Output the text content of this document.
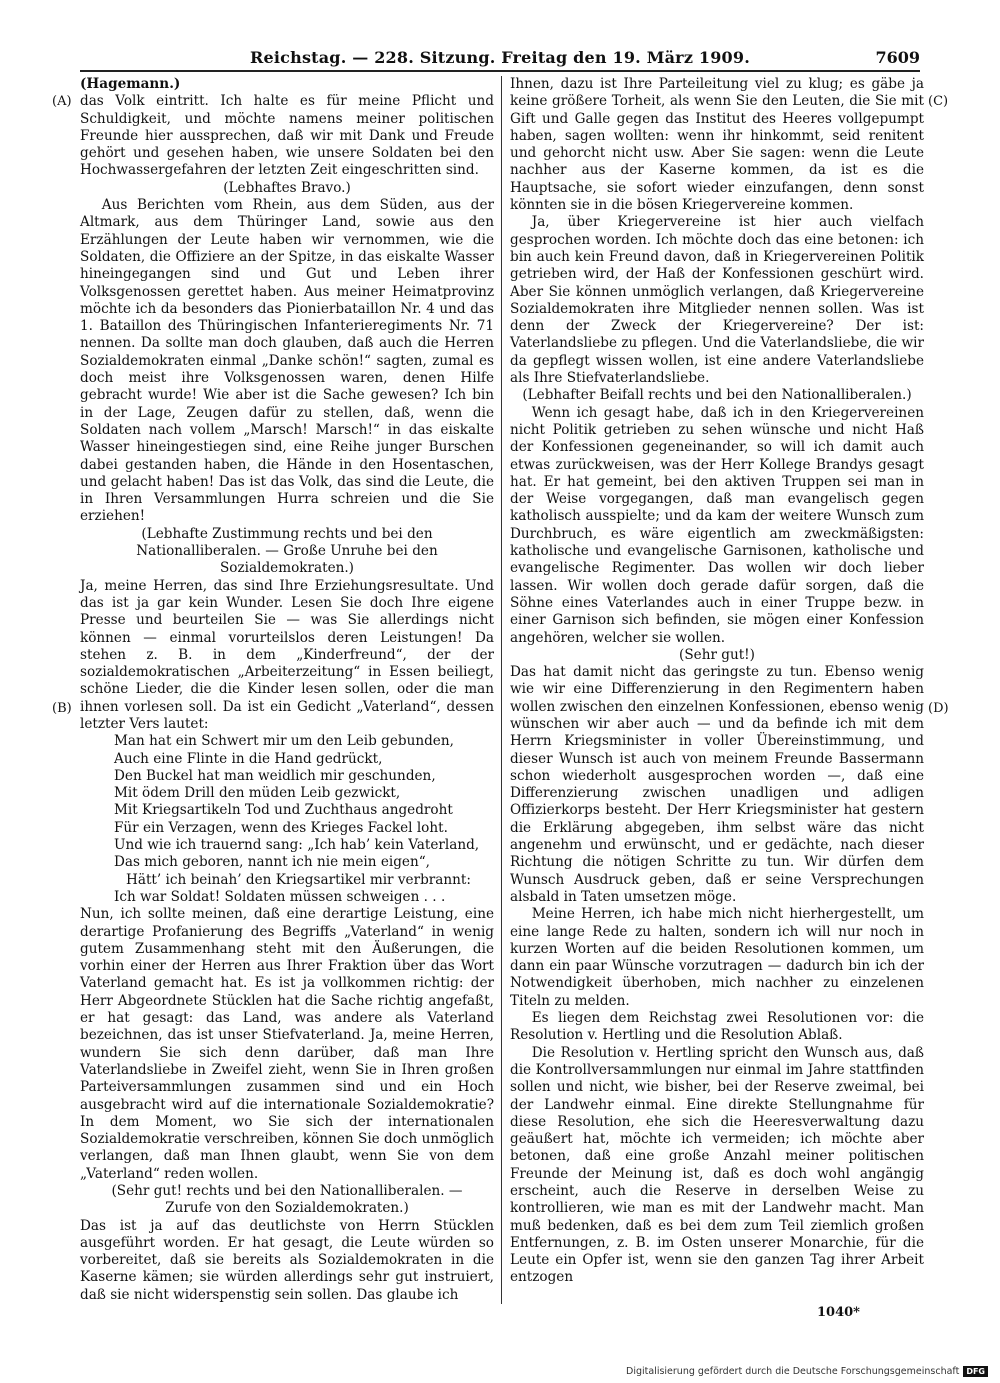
Reichstag. — 228. Sitzung. Freitag den 19. März 1909.	7609

(Hagemann.)

das Volk eintritt. Ich halte es für meine Pflicht und Schuldigkeit, und möchte namens meiner politischen Freunde hier aussprechen, daß wir mit Dank und Freude gehört und gesehen haben, wie unsere Soldaten bei den Hochwassergefahren der letzten Zeit eingeschritten sind.

(Lebhaftes Bravo.)

Aus Berichten vom Rhein, aus dem Süden, aus der Altmark, aus dem Thüringer Land, sowie aus den Erzählungen der Leute haben wir vernommen, wie die Soldaten, die Offiziere an der Spitze, in das eiskalte Wasser hineingegangen sind und Gut und Leben ihrer Volksgenossen gerettet haben. Aus meiner Heimatprovinz möchte ich da besonders das Pionierbataillon Nr. 4 und das 1. Bataillon des Thüringischen Infanterieregiments Nr. 71 nennen. Da sollte man doch glauben, daß auch die Herren Sozialdemokraten einmal „Danke schön!“ sagten, zumal es doch meist ihre Volksgenossen waren, denen Hilfe gebracht wurde! Wie aber ist die Sache gewesen? Ich bin in der Lage, Zeugen dafür zu stellen, daß, wenn die Soldaten nach vollem „Marsch! Marsch!“ in das eiskalte Wasser hineingestiegen sind, eine Reihe junger Burschen dabei gestanden haben, die Hände in den Hosentaschen, und gelacht haben! Das ist das Volk, das sind die Leute, die in Ihren Versammlungen Hurra schreien und die Sie erziehen!

(Lebhafte Zustimmung rechts und bei den Nationalliberalen. — Große Unruhe bei den Sozialdemokraten.)

Ja, meine Herren, das sind Ihre Erziehungsresultate. Und das ist ja gar kein Wunder. Lesen Sie doch Ihre eigene Presse und beurteilen Sie — was Sie allerdings nicht können — einmal vorurteilslos deren Leistungen! Da stehen z. B. in dem „Kinderfreund“, der der sozialdemokratischen „Arbeiterzeitung“ in Essen beiliegt, schöne Lieder, die die Kinder lesen sollen, oder die man ihnen vorlesen soll. Da ist ein Gedicht „Vaterland“, dessen letzter Vers lautet:

Man hat ein Schwert mir um den Leib gebunden,

Auch eine Flinte in die Hand gedrückt,

Den Buckel hat man weidlich mir geschunden,

Mit ödem Drill den müden Leib gezwickt,

Mit Kriegsartikeln Tod und Zuchthaus angedroht

Für ein Verzagen, wenn des Krieges Fackel loht.

Und wie ich trauernd sang: „Ich hab’ kein Vaterland,

Das mich geboren, nannt ich nie mein eigen“,

Hätt’ ich beinah’ den Kriegsartikel mir verbrannt:

Ich war Soldat! Soldaten müssen schweigen . . .

Nun, ich sollte meinen, daß eine derartige Leistung, eine derartige Profanierung des Begriffs „Vaterland“ in wenig gutem Zusammenhang steht mit den Äußerungen, die vorhin einer der Herren aus Ihrer Fraktion über das Wort Vaterland gemacht hat. Es ist ja vollkommen richtig: der Herr Abgeordnete Stücklen hat die Sache richtig angefaßt, er hat gesagt: das Land, was andere als Vaterland bezeichnen, das ist unser Stiefvaterland. Ja, meine Herren, wundern Sie sich denn darüber, daß man Ihre Vaterlandsliebe in Zweifel zieht, wenn Sie in Ihren großen Parteiversammlungen zusammen sind und ein Hoch ausgebracht wird auf die internationale Sozialdemokratie? In dem Moment, wo Sie sich der internationalen Sozialdemokratie verschreiben, können Sie doch unmöglich verlangen, daß man Ihnen glaubt, wenn Sie von dem „Vaterland“ reden wollen.

(Sehr gut! rechts und bei den Nationalliberalen. — Zurufe von den Sozialdemokraten.)

Das ist ja auf das deutlichste von Herrn Stücklen ausgeführt worden. Er hat gesagt, die Leute würden so vorbereitet, daß sie bereits als Sozialdemokraten in die Kaserne kämen; sie würden allerdings sehr gut instruiert, daß sie nicht widerspenstig sein sollen. Das glaube ich

Ihnen, dazu ist Ihre Parteileitung viel zu klug; es gäbe ja keine größere Torheit, als wenn Sie den Leuten, die Sie mit Gift und Galle gegen das Institut des Heeres vollgepumpt haben, sagen wollten: wenn ihr hinkommt, seid renitent und gehorcht nicht usw. Aber Sie sagen: wenn die Leute nachher aus der Kaserne kommen, da ist es die Hauptsache, sie sofort wieder einzufangen, denn sonst könnten sie in die bösen Kriegervereine kommen.

Ja, über Kriegervereine ist hier auch vielfach gesprochen worden. Ich möchte doch das eine betonen: ich bin auch kein Freund davon, daß in Kriegervereinen Politik getrieben wird, der Haß der Konfessionen geschürt wird. Aber Sie können unmöglich verlangen, daß Kriegervereine Sozialdemokraten ihre Mitglieder nennen sollen. Was ist denn der Zweck der Kriegervereine? Der ist: Vaterlandsliebe zu pflegen. Und die Vaterlandsliebe, die wir da gepflegt wissen wollen, ist eine andere Vaterlandsliebe als Ihre Stiefvaterlandsliebe.

(Lebhafter Beifall rechts und bei den Nationalliberalen.)

Wenn ich gesagt habe, daß ich in den Kriegervereinen nicht Politik getrieben zu sehen wünsche und nicht Haß der Konfessionen gegeneinander, so will ich damit auch etwas zurückweisen, was der Herr Kollege Brandys gesagt hat. Er hat gemeint, bei den aktiven Truppen sei man in der Weise vorgegangen, daß man evangelisch gegen katholisch ausspielte; und da kam der weitere Wunsch zum Durchbruch, es wäre eigentlich am zweckmäßigsten: katholische und evangelische Garnisonen, katholische und evangelische Regimenter. Das wollen wir doch lieber lassen. Wir wollen doch gerade dafür sorgen, daß die Söhne eines Vaterlandes auch in einer Truppe bezw. in einer Garnison sich befinden, sie mögen einer Konfession angehören, welcher sie wollen.

(Sehr gut!)

Das hat damit nicht das geringste zu tun. Ebenso wenig wie wir eine Differenzierung in den Regimentern haben wollen zwischen den einzelnen Konfessionen, ebenso wenig wünschen wir aber auch — und da befinde ich mit dem Herrn Kriegsminister in voller Übereinstimmung, und dieser Wunsch ist auch von meinem Freunde Bassermann schon wiederholt ausgesprochen worden —, daß eine Differenzierung zwischen unadligen und adligen Offizierkorps besteht. Der Herr Kriegsminister hat gestern die Erklärung abgegeben, ihm selbst wäre das nicht angenehm und erwünscht, und er gedächte, nach dieser Richtung die nötigen Schritte zu tun. Wir dürfen dem Wunsch Ausdruck geben, daß er seine Versprechungen alsbald in Taten umsetzen möge.

Meine Herren, ich habe mich nicht hierhergestellt, um eine lange Rede zu halten, sondern ich will nur noch in kurzen Worten auf die beiden Resolutionen kommen, um dann ein paar Wünsche vorzutragen — dadurch bin ich der Notwendigkeit überhoben, mich nachher zu einzelenen Titeln zu melden.

Es liegen dem Reichstag zwei Resolutionen vor: die Resolution v. Hertling und die Resolution Ablaß.

Die Resolution v. Hertling spricht den Wunsch aus, daß die Kontrollversammlungen nur einmal im Jahre stattfinden sollen und nicht, wie bisher, bei der Reserve zweimal, bei der Landwehr einmal. Eine direkte Stellungnahme für diese Resolution, ehe sich die Heeresverwaltung dazu geäußert hat, möchte ich vermeiden; ich möchte aber betonen, daß eine große Anzahl meiner politischen Freunde der Meinung ist, daß es doch wohl angängig erscheint, auch die Reserve in derselben Weise zu kontrollieren, wie man es mit der Landwehr macht. Man muß bedenken, daß es bei dem zum Teil ziemlich großen Entfernungen, z. B. im Osten unserer Monarchie, für die Leute ein Opfer ist, wenn sie den ganzen Tag ihrer Arbeit entzogen

(A)
(B)
(C)
(D)
1040*
Digitalisierung gefördert durch die Deutsche Forschungsgemeinschaft DFG
